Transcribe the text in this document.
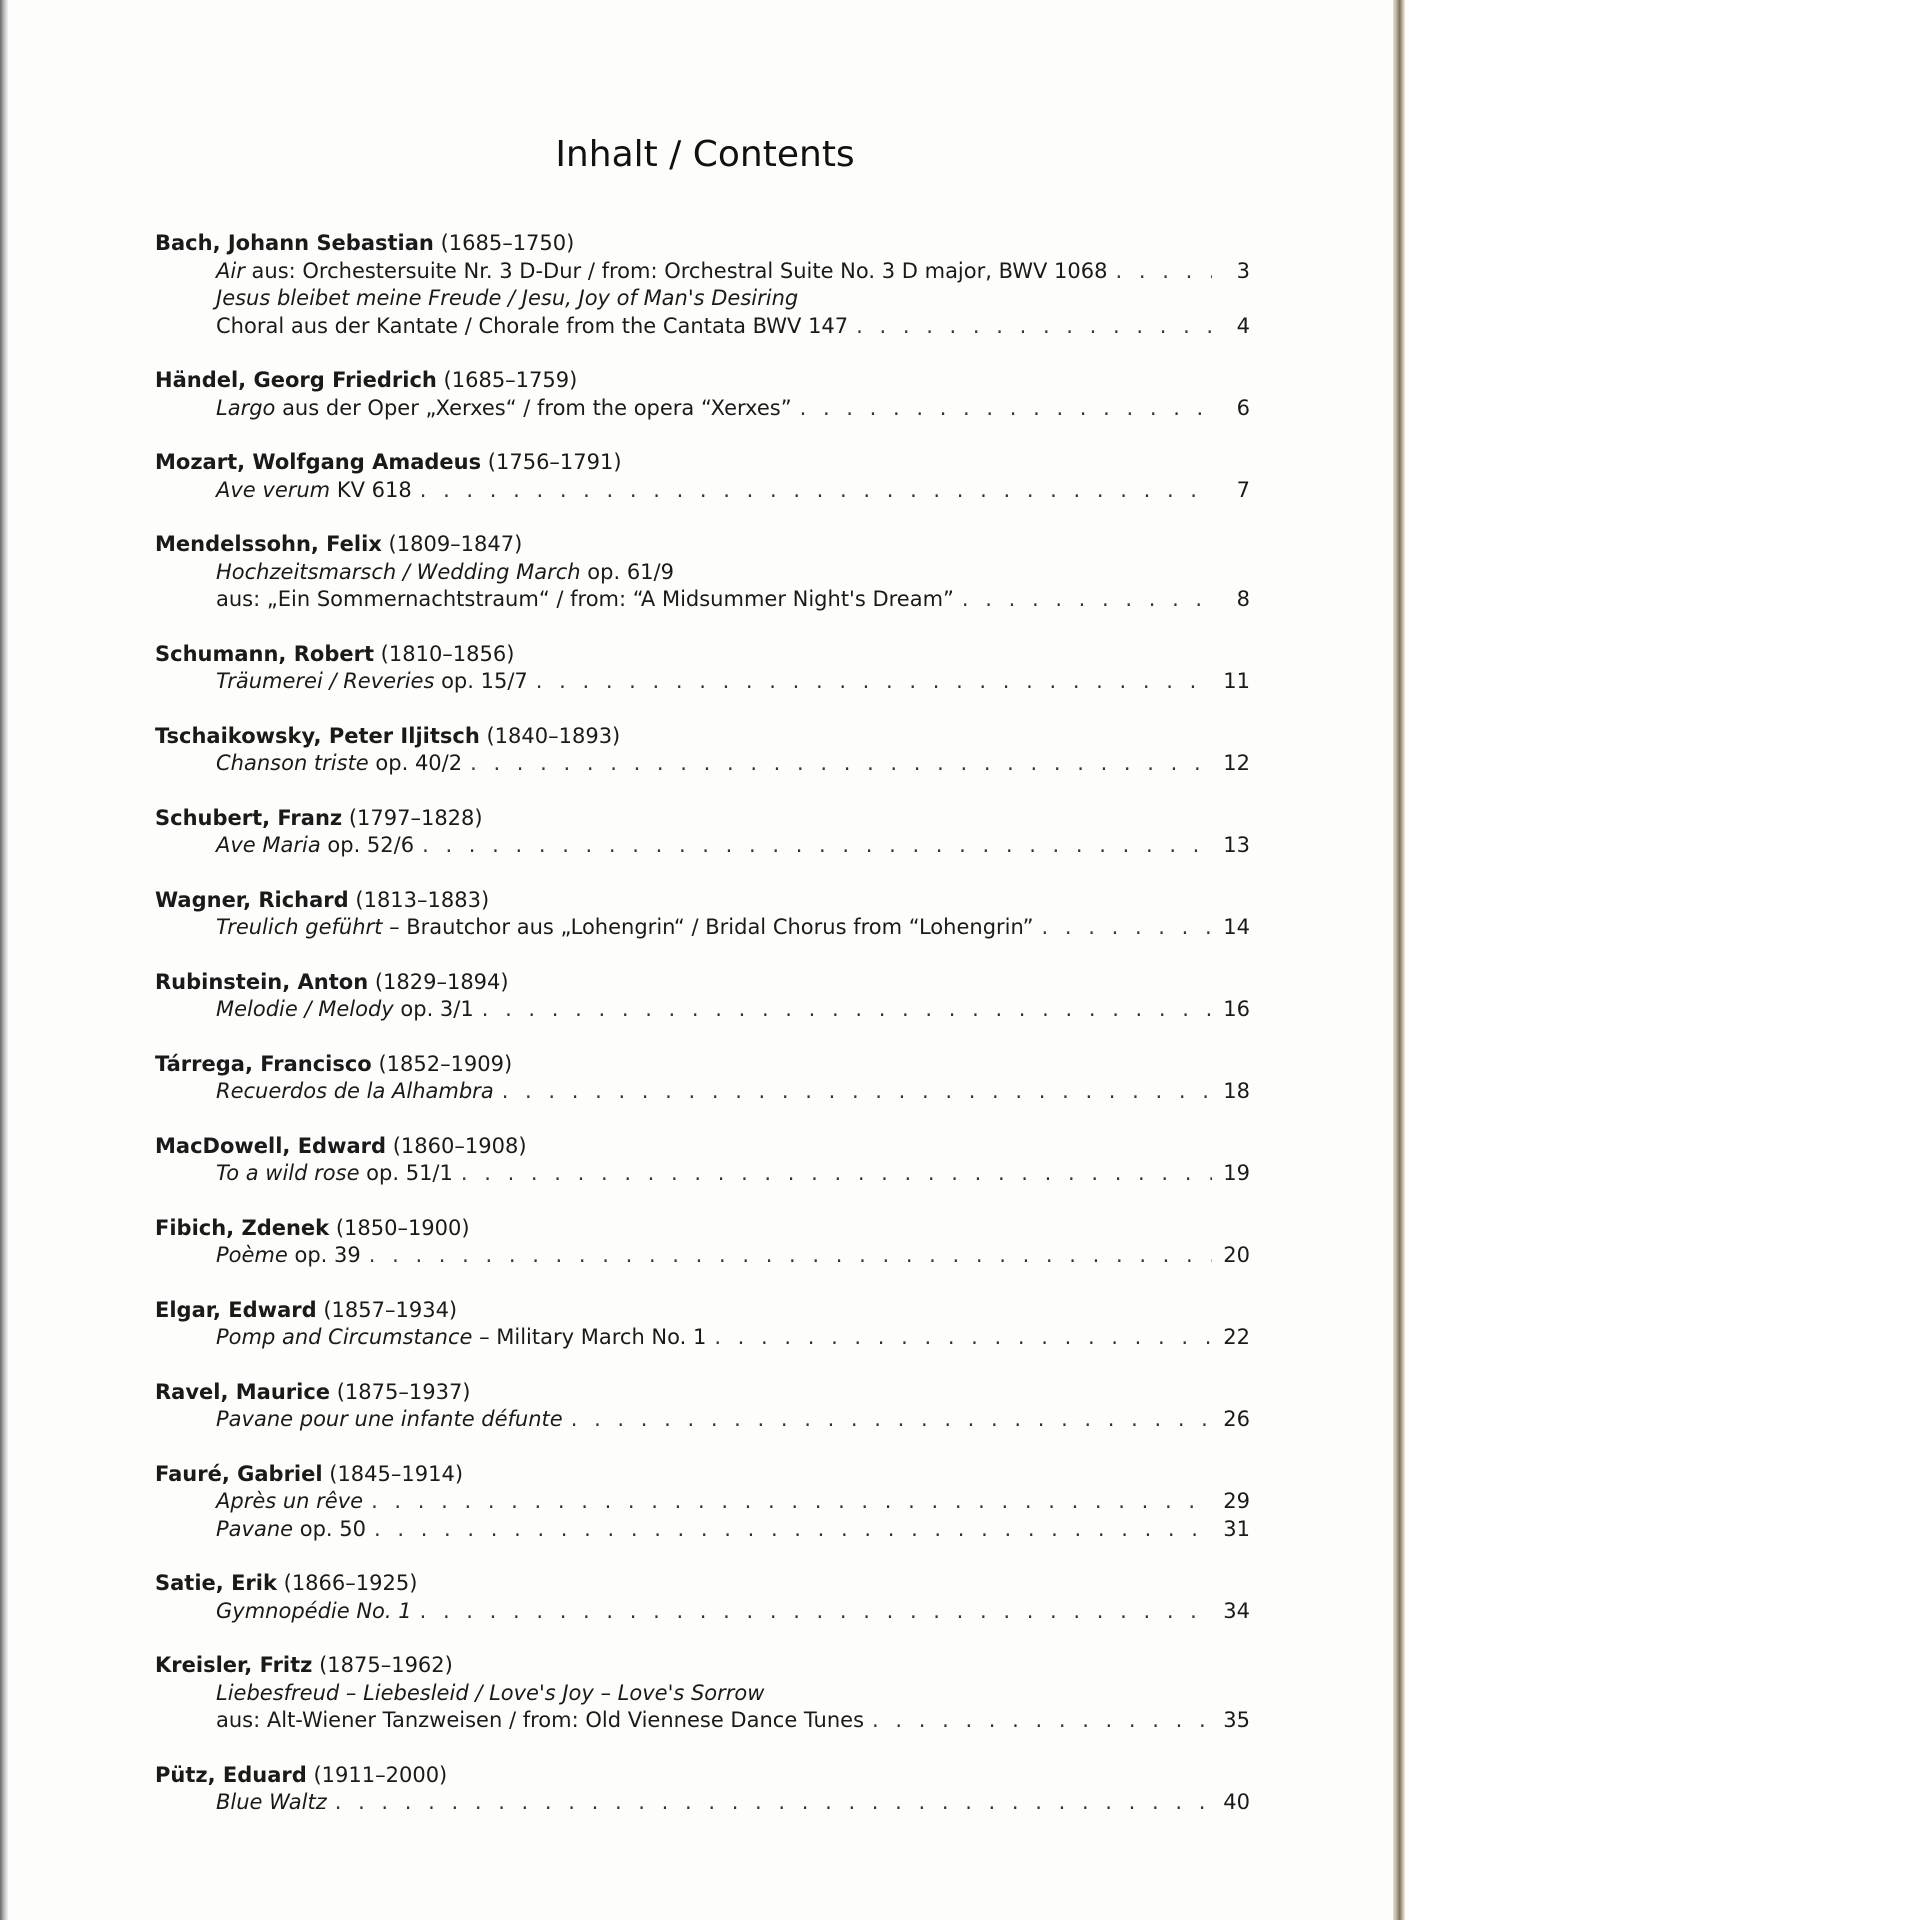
Inhalt / Contents
Bach, Johann Sebastian (1685–1750)
Air aus: Orchestersuite Nr. 3 D-Dur / from: Orchestral Suite No. 3 D major, BWV 1068 . . .	3
Jesus bleibet meine Freude / Jesu, Joy of Man's Desiring
Choral aus der Kantate / Chorale from the Cantata BWV 147 . . .	4
Händel, Georg Friedrich (1685–1759)
Largo aus der Oper „Xerxes“ / from the opera “Xerxes” . . .	6
Mozart, Wolfgang Amadeus (1756–1791)
Ave verum KV 618 . . .	7
Mendelssohn, Felix (1809–1847)
Hochzeitsmarsch / Wedding March op. 61/9
aus: „Ein Sommernachtstraum“ / from: “A Midsummer Night's Dream” . . .	8
Schumann, Robert (1810–1856)
Träumerei / Reveries op. 15/7 . . .	11
Tschaikowsky, Peter Iljitsch (1840–1893)
Chanson triste op. 40/2 . . .	12
Schubert, Franz (1797–1828)
Ave Maria op. 52/6 . . .	13
Wagner, Richard (1813–1883)
Treulich geführt – Brautchor aus „Lohengrin“ / Bridal Chorus from “Lohengrin” . . .	14
Rubinstein, Anton (1829–1894)
Melodie / Melody op. 3/1 . . .	16
Tárrega, Francisco (1852–1909)
Recuerdos de la Alhambra . . .	18
MacDowell, Edward (1860–1908)
To a wild rose op. 51/1 . . .	19
Fibich, Zdenek (1850–1900)
Poème op. 39 . . .	20
Elgar, Edward (1857–1934)
Pomp and Circumstance – Military March No. 1 . . .	22
Ravel, Maurice (1875–1937)
Pavane pour une infante défunte . . .	26
Fauré, Gabriel (1845–1914)
Après un rêve . . .	29
Pavane op. 50 . . .	31
Satie, Erik (1866–1925)
Gymnopédie No. 1 . . .	34
Kreisler, Fritz (1875–1962)
Liebesfreud – Liebesleid / Love's Joy – Love's Sorrow
aus: Alt-Wiener Tanzweisen / from: Old Viennese Dance Tunes . . .	35
Pütz, Eduard (1911–2000)
Blue Waltz . . .	40
